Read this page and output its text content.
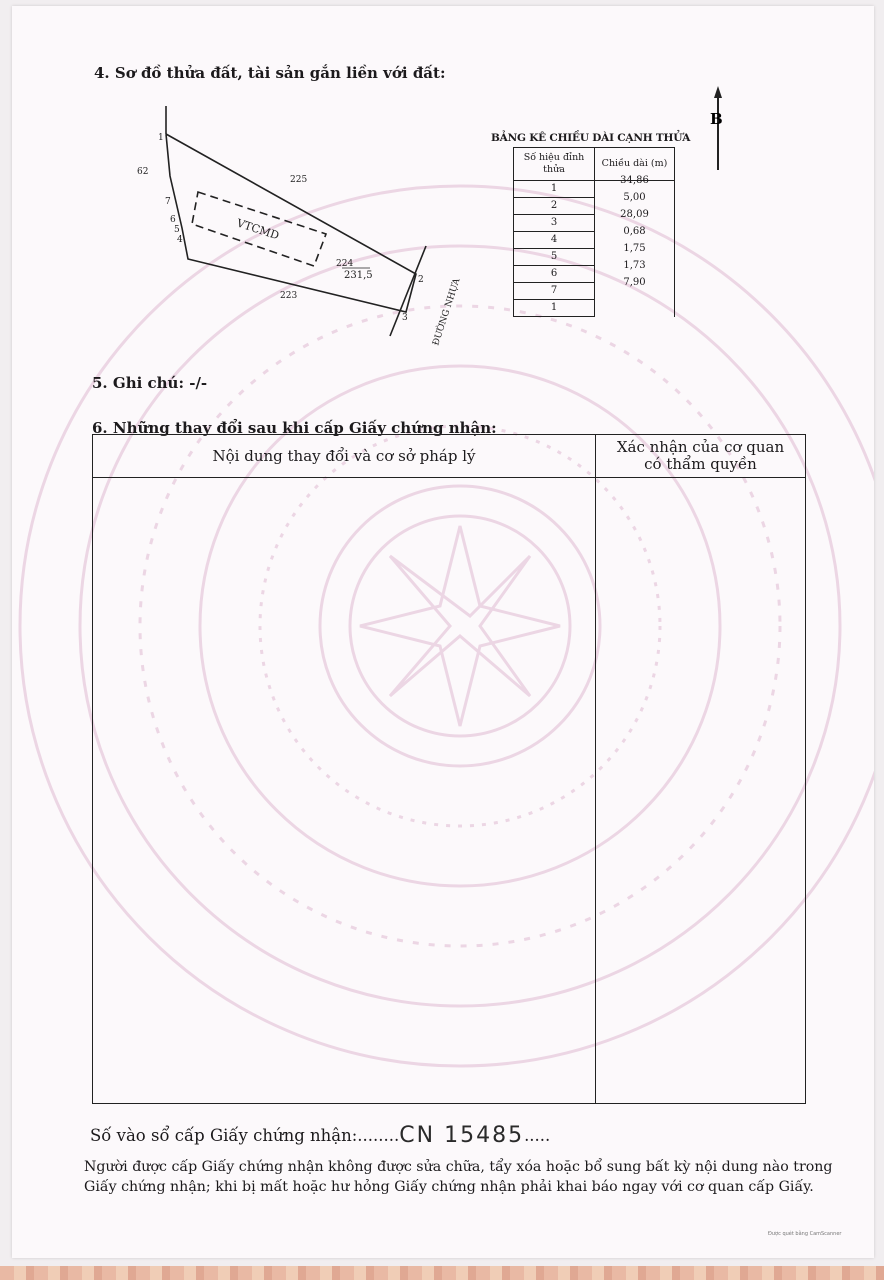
4. Sơ đồ thửa đất, tài sản gắn liền với đất:
B
62
225
224
223
1
2
3
4
5
6
7
VTCMD
231,5
ĐƯỜNG NHỰA
BẢNG KÊ CHIỀU DÀI CẠNH THỬA
Số hiệu đỉnh thửa	Chiều dài (m)
1	34,86
2	5,00
3	28,09
4	0,68
5	1,75
6	1,73
7	7,90
1	
5. Ghi chú: -/-
6. Những thay đổi sau khi cấp Giấy chứng nhận:
Nội dung thay đổi và cơ sở pháp lý	Xác nhận của cơ quan có thẩm quyền

Số vào sổ cấp Giấy chứng nhận:........CN 15485.....
Người được cấp Giấy chứng nhận không được sửa chữa, tẩy xóa hoặc bổ sung bất kỳ nội dung nào trong
Giấy chứng nhận; khi bị mất hoặc hư hỏng Giấy chứng nhận phải khai báo ngay với cơ quan cấp Giấy.
Được quét bằng CamScanner
